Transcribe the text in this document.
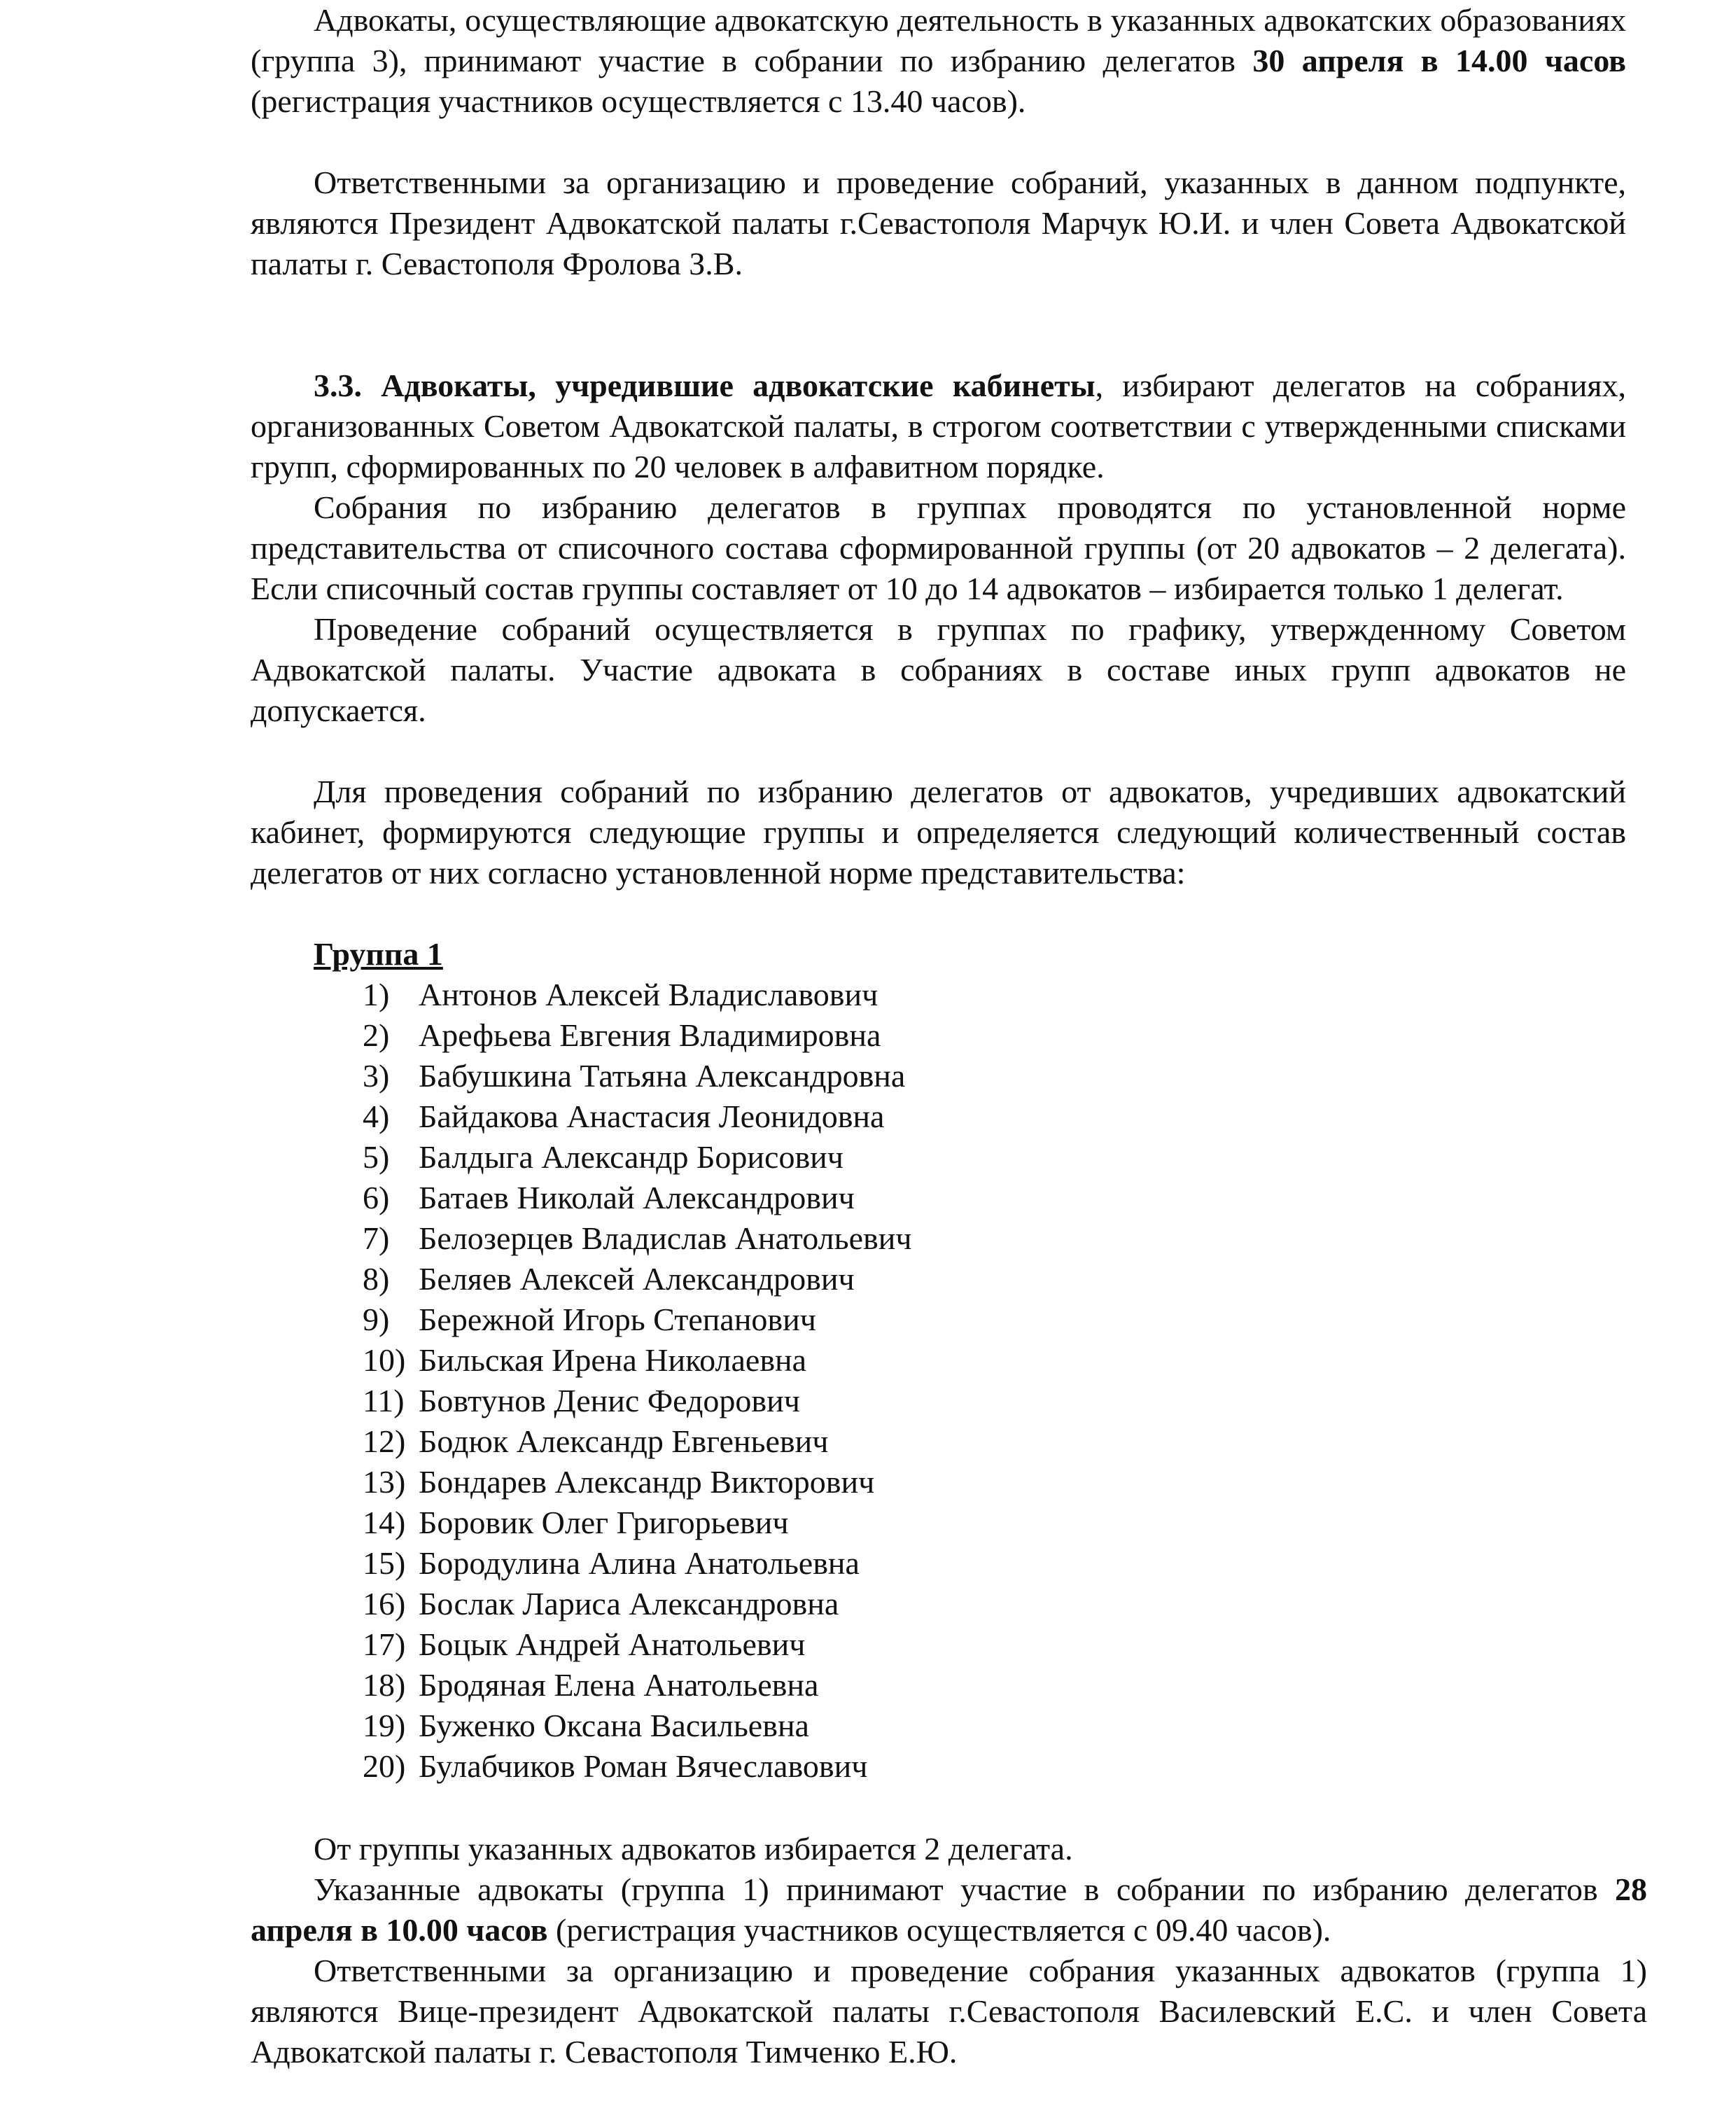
Адвокаты, осуществляющие адвокатскую деятельность в указанных адвокатских образованиях (группа 3), принимают участие в собрании по избранию делегатов 30 апреля в 14.00 часов (регистрация участников осуществляется с 13.40 часов).

Ответственными за организацию и проведение собраний, указанных в данном подпункте, являются Президент Адвокатской палаты г.Севастополя Марчук Ю.И. и член Совета Адвокатской палаты г. Севастополя Фролова З.В.

3.3. Адвокаты, учредившие адвокатские кабинеты, избирают делегатов на собраниях, организованных Советом Адвокатской палаты, в строгом соответствии с утвержденными списками групп, сформированных по 20 человек в алфавитном порядке.

Собрания по избранию делегатов в группах проводятся по установленной норме представительства от списочного состава сформированной группы (от 20 адвокатов – 2 делегата). Если списочный состав группы составляет от 10 до 14 адвокатов – избирается только 1 делегат.

Проведение собраний осуществляется в группах по графику, утвержденному Советом Адвокатской палаты. Участие адвоката в собраниях в составе иных групп адвокатов не допускается.

Для проведения собраний по избранию делегатов от адвокатов, учредивших адвокатский кабинет, формируются следующие группы и определяется следующий количественный состав делегатов от них согласно установленной норме представительства:

Группа 1

1) Антонов Алексей Владиславович
2) Арефьева Евгения Владимировна
3) Бабушкина Татьяна Александровна
4) Байдакова Анастасия Леонидовна
5) Балдыга Александр Борисович
6) Батаев Николай Александрович
7) Белозерцев Владислав Анатольевич
8) Беляев Алексей Александрович
9) Бережной Игорь Степанович
10) Бильская Ирена Николаевна
11) Бовтунов Денис Федорович
12) Бодюк Александр Евгеньевич
13) Бондарев Александр Викторович
14) Боровик Олег Григорьевич
15) Бородулина Алина Анатольевна
16) Бослак Лариса Александровна
17) Боцык Андрей Анатольевич
18) Бродяная Елена Анатольевна
19) Буженко Оксана Васильевна
20) Булабчиков Роман Вячеславович

От группы указанных адвокатов избирается 2 делегата.

Указанные адвокаты (группа 1) принимают участие в собрании по избранию делегатов 28 апреля в 10.00 часов (регистрация участников осуществляется с 09.40 часов).

Ответственными за организацию и проведение собрания указанных адвокатов (группа 1) являются Вице-президент Адвокатской палаты г.Севастополя Василевский Е.С. и член Совета Адвокатской палаты г. Севастополя Тимченко Е.Ю.
